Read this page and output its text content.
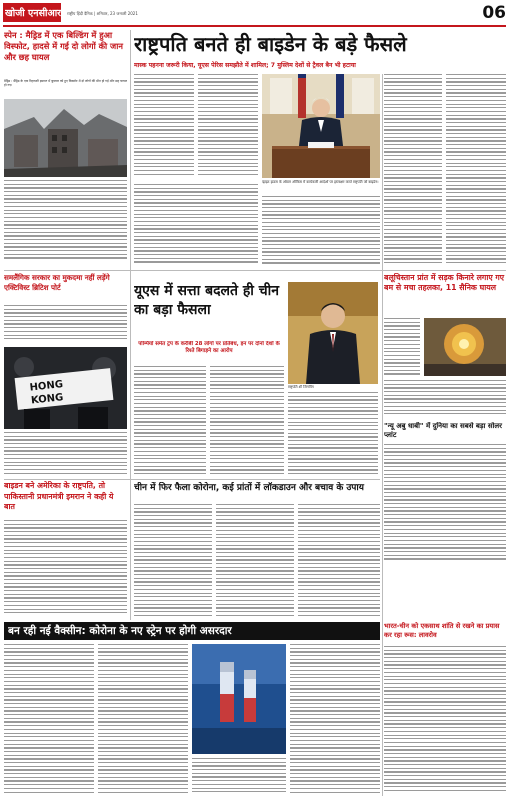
खोजी एनसीआर राष्ट्रीय हिंदी दैनिक | शनिवार, 23 जनवरी 2021	06
स्पेन : मैड्रिड में एक बिल्डिंग में हुआ विस्फोट, हादसे में गई दो लोगों की जान और छह घायल
मैड्रिड : मैड्रिड के एक रिहायशी इमारत में बुधवार को हुए विस्फोट में दो लोगों की मौत हो गई और छह घायल हो गए।
राष्ट्रपति बनते ही बाइडेन के बड़े फैसले
मास्क पहनना जरूरी किया, यूएस पेरिस समझौते में शामिल; 7 मुस्लिम देशों से ट्रैवल बैन भी हटाया
व्हाइट हाउस के ओवल ऑफिस में कार्यकारी आदेशों पर हस्ताक्षर करते राष्ट्रपति जो बाइडेन।
समलैंगिक सरकार का मुकदमा नहीं लड़ेंगे एक्टिविस्ट ब्रिटिश पोर्ट
HONG
KONG
यूएस में सत्ता बदलते ही चीन का बड़ा फैसला
पोम्पियो समेत ट्रंप के करीबी 28 लोगों पर प्रतिबंध, इन पर दोनों देशों के रिश्ते बिगाड़ने का आरोप
राष्ट्रपति शी जिनपिंग
बलूचिस्तान प्रांत में सड़क किनारे लगाए गए बम से मचा तहलका, 11 सैनिक घायल
"न्यू अबु धाबी" में दुनिया का सबसे बड़ा सोलर प्लांट
बाइडन बने अमेरिका के राष्ट्रपति, तो पाकिस्तानी प्रधानमंत्री इमरान ने कही ये बात
चीन में फिर फैला कोरोना, कई प्रांतों में लॉकडाउन और बचाव के उपाय
बन रही नई वैक्सीन: कोरोना के नए स्ट्रेन पर होगी असरदार	भारत-चीन को एकसाथ शांति से रखने का प्रयास कर रहा रूस: लावरोव
